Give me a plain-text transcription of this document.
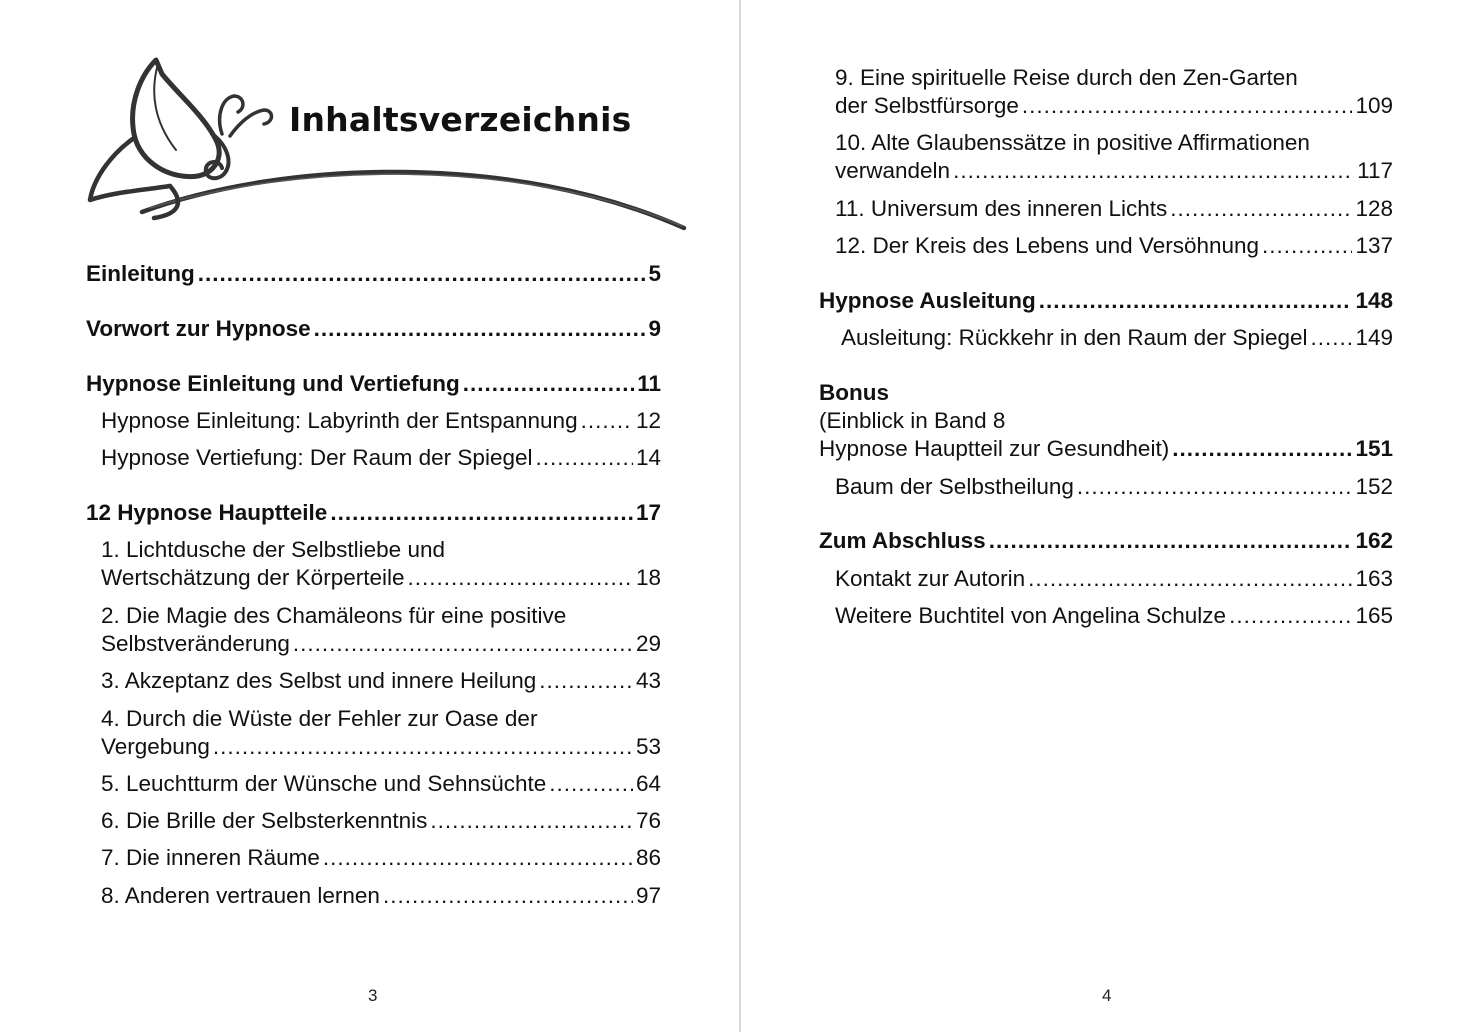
Inhaltsverzeichnis
Einleitung .....	5
Vorwort zur Hypnose .....	9
Hypnose Einleitung und Vertiefung .....	11
Hypnose Einleitung: Labyrinth der Entspannung .....	12
Hypnose Vertiefung: Der Raum der Spiegel .....	14
12 Hypnose Hauptteile .....	17
1. Lichtdusche der Selbstliebe und
Wertschätzung der Körperteile .....	18
2. Die Magie des Chamäleons für eine positive
Selbstveränderung .....	29
3. Akzeptanz des Selbst und innere Heilung .....	43
4. Durch die Wüste der Fehler zur Oase der
Vergebung .....	53
5. Leuchtturm der Wünsche und Sehnsüchte .....	64
6. Die Brille der Selbsterkenntnis .....	76
7. Die inneren Räume .....	86
8. Anderen vertrauen lernen .....	97
3
9. Eine spirituelle Reise durch den Zen-Garten
der Selbstfürsorge .....	109
10. Alte Glaubenssätze in positive Affirmationen
verwandeln .....	117
11. Universum des inneren Lichts .....	128
12. Der Kreis des Lebens und Versöhnung .....	137
Hypnose Ausleitung .....	148
Ausleitung: Rückkehr in den Raum der Spiegel ..... 149
Bonus
(Einblick in Band 8
Hypnose Hauptteil zur Gesundheit) .....	151
Baum der Selbstheilung .....	152
Zum Abschluss .....	162
Kontakt zur Autorin .....	163
Weitere Buchtitel von Angelina Schulze .....	165
4
